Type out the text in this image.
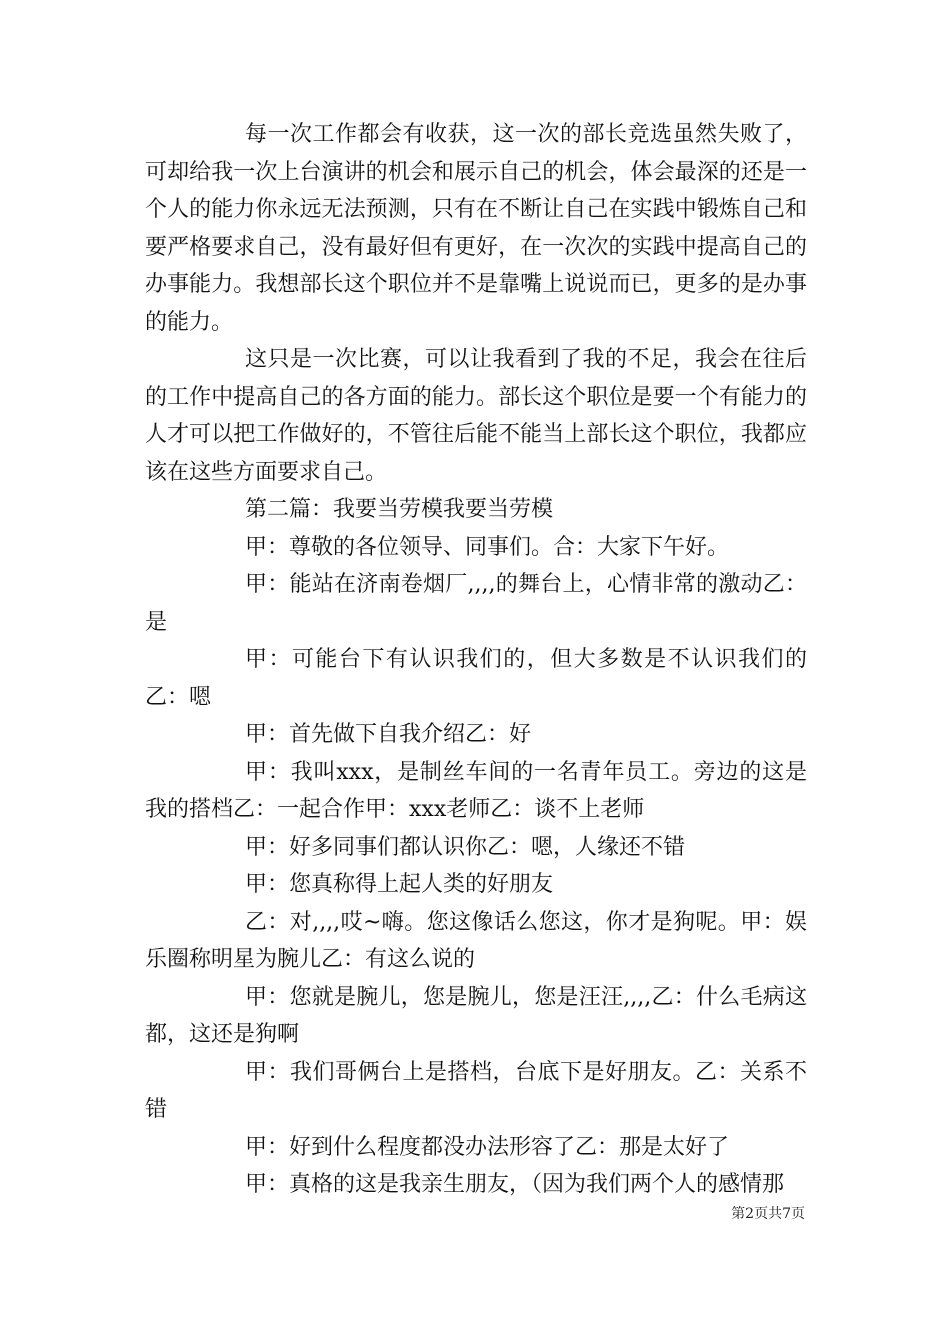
每一次工作都会有收获，这一次的部长竞选虽然失败了，可却给我一次上台演讲的机会和展示自己的机会，体会最深的还是一个人的能力你永远无法预测，只有在不断让自己在实践中锻炼自己和要严格要求自己，没有最好但有更好，在一次次的实践中提高自己的办事能力。我想部长这个职位并不是靠嘴上说说而已，更多的是办事的能力。

这只是一次比赛，可以让我看到了我的不足，我会在往后的工作中提高自己的各方面的能力。部长这个职位是要一个有能力的人才可以把工作做好的，不管往后能不能当上部长这个职位，我都应该在这些方面要求自己。

第二篇：我要当劳模我要当劳模

甲：尊敬的各位领导、同事们。合：大家下午好。

甲：能站在济南卷烟厂,,,,的舞台上，心情非常的激动乙：是

甲：可能台下有认识我们的，但大多数是不认识我们的乙：嗯

甲：首先做下自我介绍乙：好

甲：我叫xxx，是制丝车间的一名青年员工。旁边的这是我的搭档乙：一起合作甲：xxx老师乙：谈不上老师

甲：好多同事们都认识你乙：嗯，人缘还不错

甲：您真称得上起人类的好朋友

乙：对,,,,哎~嗨。您这像话么您这，你才是狗呢。甲：娱乐圈称明星为腕儿乙：有这么说的

甲：您就是腕儿，您是腕儿，您是汪汪,,,,乙：什么毛病这都，这还是狗啊

甲：我们哥俩台上是搭档，台底下是好朋友。乙：关系不错

甲：好到什么程度都没办法形容了乙：那是太好了

甲：真格的这是我亲生朋友，（因为我们两个人的感情那

第2页共7页
